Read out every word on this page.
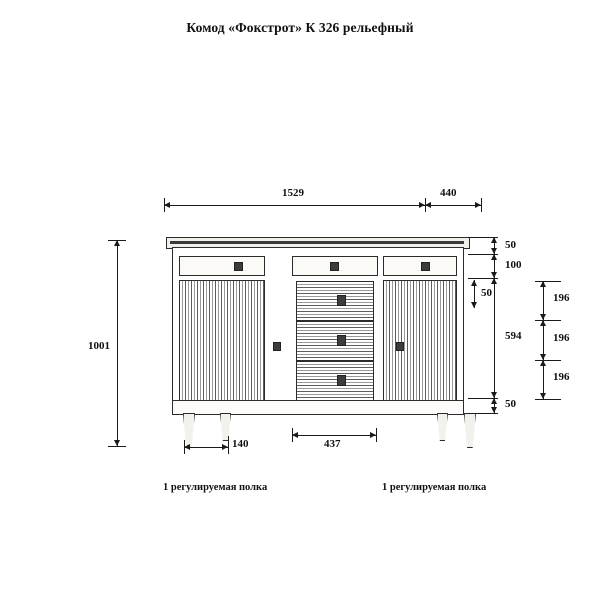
Комод «Фокстрот» К 326 рельефный
1529	440
1001
50
100
594
50
50	196
196
196
140	437
1 регулируемая полка	1 регулируемая полка
